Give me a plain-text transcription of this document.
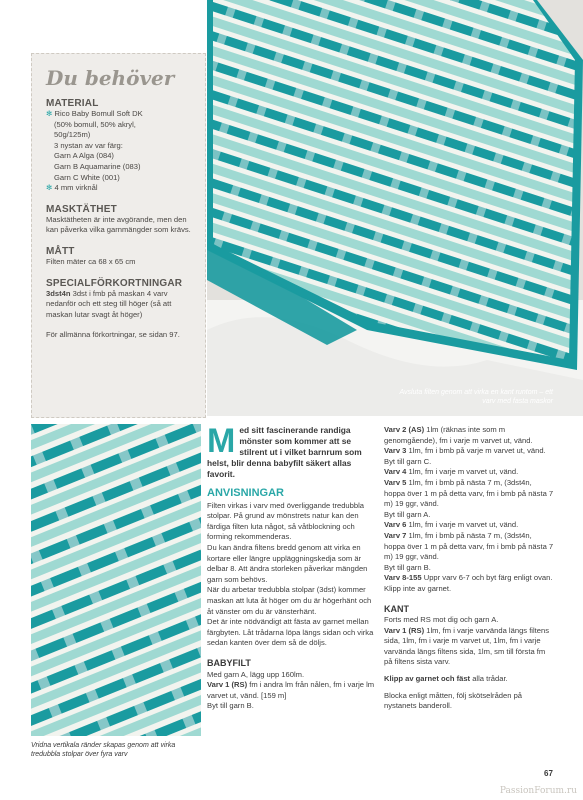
Du behöver
MATERIAL
✻ Rico Baby Bomull Soft DK
(50% bomull, 50% akryl,
50g/125m)
3 nystan av var färg:
Garn A Alga (084)
Garn B Aquamarine (083)
Garn C White (001)
✻ 4 mm virknål
MASKTÄTHET
Masktätheten är inte avgörande, men den kan påverka vilka garnmängder som krävs.
MÅTT
Filten mäter ca 68 x 65 cm
SPECIALFÖRKORTNINGAR
3dst4n 3dst i fmb på maskan 4 varv nedanför och ett steg till höger (så att maskan lutar svagt åt höger)
För allmänna förkortningar, se sidan 97.
Avsluta filten genom att virka en kant runtom – ett varv med fasta maskor
Vridna vertikala ränder skapas genom att virka tredubbla stolpar över fyra varv
Med sitt fascinerande randiga mönster som kommer att se stilrent ut i vilket barnrum som helst, blir denna babyfilt säkert allas favorit.
ANVISNINGAR

Filten virkas i varv med överliggande tredubbla stolpar. På grund av mönstrets natur kan den färdiga filten luta något, så våtblockning och forming rekommenderas.

Du kan ändra filtens bredd genom att virka en kortare eller längre uppläggningskedja som är delbar 8. Att ändra storleken påverkar mängden garn som behövs.

När du arbetar tredubbla stolpar (3dst) kommer maskan att luta åt höger om du är högerhänt och åt vänster om du är vänsterhänt.

Det är inte nödvändigt att fästa av garnet mellan färgbyten. Låt trådarna löpa längs sidan och virka sedan kanten över dem så de döljs.

BABYFILT

Med garn A, lägg upp 160lm.

Varv 1 (RS) fm i andra lm från nålen, fm i varje lm varvet ut, vänd. [159 m]

Byt till garn B.

Varv 2 (AS) 1lm (räknas inte som m genomgående), fm i varje m varvet ut, vänd.

Varv 3 1lm, fm i bmb på varje m varvet ut, vänd.

Byt till garn C.

Varv 4 1lm, fm i varje m varvet ut, vänd.

Varv 5 1lm, fm i bmb på nästa 7 m, (3dst4n, hoppa över 1 m på detta varv, fm i bmb på nästa 7 m) 19 ggr, vänd.

Byt till garn A.

Varv 6 1lm, fm i varje m varvet ut, vänd.

Varv 7 1lm, fm i bmb på nästa 7 m, (3dst4n, hoppa över 1 m på detta varv, fm i bmb på nästa 7 m) 19 ggr, vänd.

Byt till garn B.

Varv 8-155 Uppr varv 6-7 och byt färg enligt ovan.

Klipp inte av garnet.

KANT

Forts med RS mot dig och garn A.

Varv 1 (RS) 1lm, fm i varje varvända längs filtens sida, 1lm, fm i varje m varvet ut, 1lm, fm i varje varvända längs filtens sida, 1lm, sm till första fm på filtens sista varv.

Klipp av garnet och fäst alla trådar.

Blocka enligt måtten, följ skötselråden på nystanets banderoll.

67
PassionForum.ru
